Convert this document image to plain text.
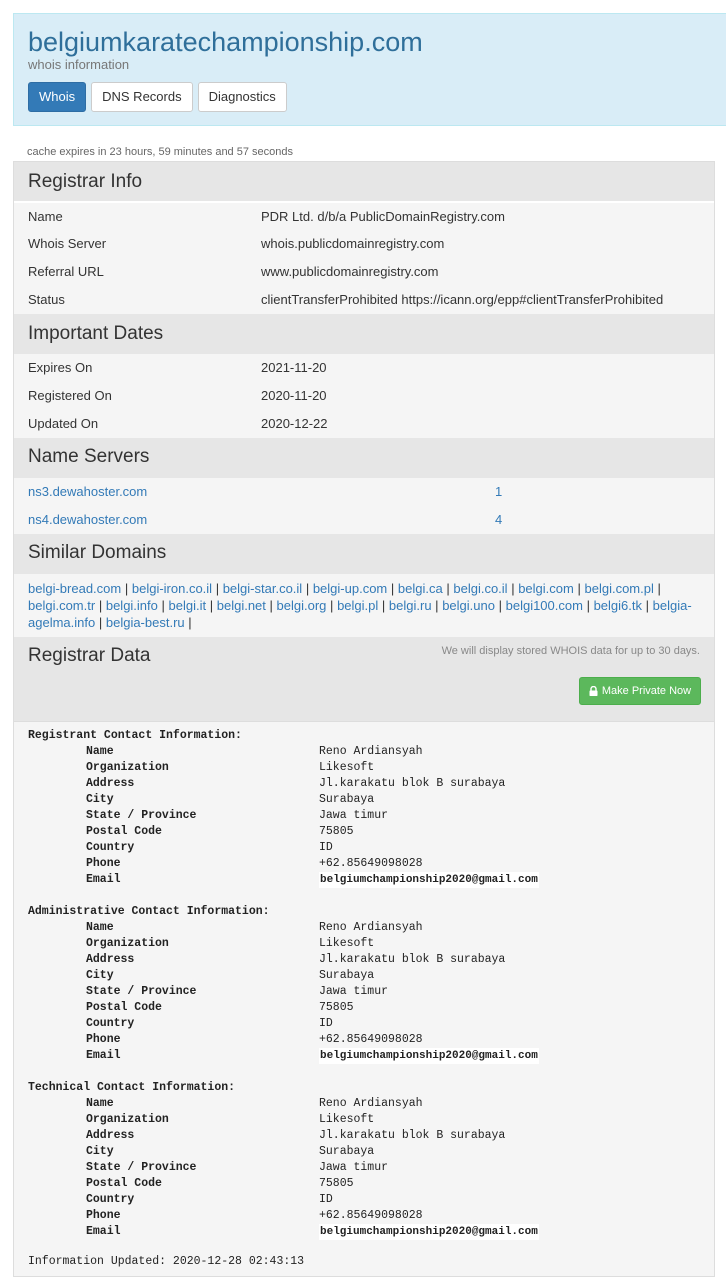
belgiumkaratechampionship.com
whois information
Whois	DNS Records	Diagnostics
cache expires in 23 hours, 59 minutes and 57 seconds
Registrar Info
Name	PDR Ltd. d/b/a PublicDomainRegistry.com
Whois Server	whois.publicdomainregistry.com
Referral URL	www.publicdomainregistry.com
Status	clientTransferProhibited https://icann.org/epp#clientTransferProhibited
Important Dates
Expires On	2021-11-20
Registered On	2020-11-20
Updated On	2020-12-22
Name Servers
ns3.dewahoster.com	1
ns4.dewahoster.com	4
Similar Domains
belgi-bread.com | belgi-iron.co.il | belgi-star.co.il | belgi-up.com | belgi.ca | belgi.co.il | belgi.com | belgi.com.pl | belgi.com.tr | belgi.info | belgi.it | belgi.net | belgi.org | belgi.pl | belgi.ru | belgi.uno | belgi100.com | belgi6.tk | belgia-agelma.info | belgia-best.ru |
Registrar Data	We will display stored WHOIS data for up to 30 days.
Make Private Now
Registrant Contact Information:
Name	Reno Ardiansyah
Organization	Likesoft
Address	Jl.karakatu blok B surabaya
City	Surabaya
State / Province	Jawa timur
Postal Code	75805
Country	ID
Phone	+62.85649098028
Email	belgiumchampionship2020@gmail.com
Administrative Contact Information:
Name	Reno Ardiansyah
Organization	Likesoft
Address	Jl.karakatu blok B surabaya
City	Surabaya
State / Province	Jawa timur
Postal Code	75805
Country	ID
Phone	+62.85649098028
Email	belgiumchampionship2020@gmail.com
Technical Contact Information:
Name	Reno Ardiansyah
Organization	Likesoft
Address	Jl.karakatu blok B surabaya
City	Surabaya
State / Province	Jawa timur
Postal Code	75805
Country	ID
Phone	+62.85649098028
Email	belgiumchampionship2020@gmail.com
Information Updated: 2020-12-28 02:43:13
